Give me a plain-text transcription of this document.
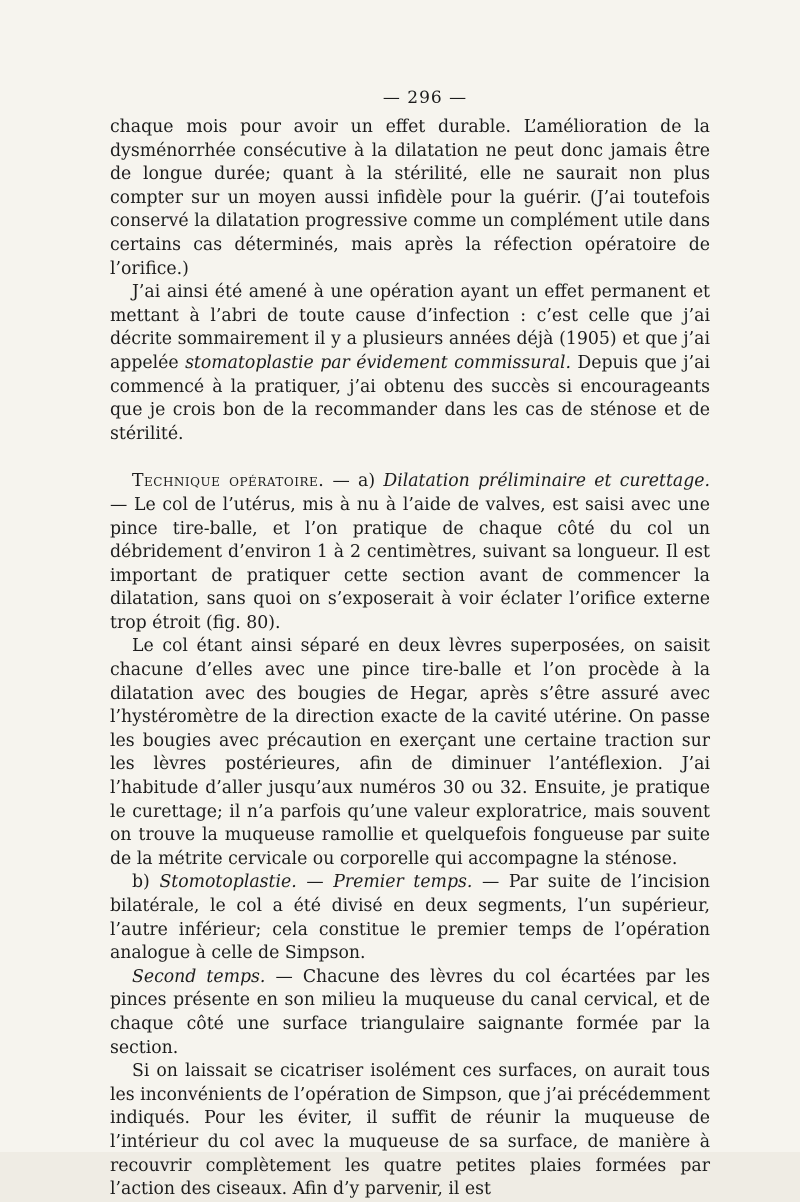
— 296 —

chaque mois pour avoir un effet durable. L’amélioration de la dysménorrhée consécutive à la dilatation ne peut donc jamais être de longue durée; quant à la stérilité, elle ne saurait non plus compter sur un moyen aussi infidèle pour la guérir. (J’ai toutefois conservé la dilatation progressive comme un complément utile dans certains cas déterminés, mais après la réfection opératoire de l’orifice.)

J’ai ainsi été amené à une opération ayant un effet permanent et mettant à l’abri de toute cause d’infection : c’est celle que j’ai décrite sommairement il y a plusieurs années déjà (1905) et que j’ai appelée stomatoplastie par évidement commissural. Depuis que j’ai commencé à la pratiquer, j’ai obtenu des succès si encourageants que je crois bon de la recommander dans les cas de sténose et de stérilité.

Technique opératoire. — a) Dilatation préliminaire et curettage. — Le col de l’utérus, mis à nu à l’aide de valves, est saisi avec une pince tire-balle, et l’on pratique de chaque côté du col un débridement d’environ 1 à 2 centimètres, suivant sa longueur. Il est important de pratiquer cette section avant de commencer la dilatation, sans quoi on s’exposerait à voir éclater l’orifice externe trop étroit (fig. 80).

Le col étant ainsi séparé en deux lèvres superposées, on saisit chacune d’elles avec une pince tire-balle et l’on procède à la dilatation avec des bougies de Hegar, après s’être assuré avec l’hystéromètre de la direction exacte de la cavité utérine. On passe les bougies avec précaution en exerçant une certaine traction sur les lèvres postérieures, afin de diminuer l’antéflexion. J’ai l’habitude d’aller jusqu’aux numéros 30 ou 32. Ensuite, je pratique le curettage; il n’a parfois qu’une valeur exploratrice, mais souvent on trouve la muqueuse ramollie et quelquefois fongueuse par suite de la métrite cervicale ou corporelle qui accompagne la sténose.

b) Stomotoplastie. — Premier temps. — Par suite de l’incision bilatérale, le col a été divisé en deux segments, l’un supérieur, l’autre inférieur; cela constitue le premier temps de l’opération analogue à celle de Simpson.

Second temps. — Chacune des lèvres du col écartées par les pinces présente en son milieu la muqueuse du canal cervical, et de chaque côté une surface triangulaire saignante formée par la section.

Si on laissait se cicatriser isolément ces surfaces, on aurait tous les inconvénients de l’opération de Simpson, que j’ai précédemment indiqués. Pour les éviter, il suffit de réunir la muqueuse de l’intérieur du col avec la muqueuse de sa surface, de manière à recouvrir complètement les quatre petites plaies formées par l’action des ciseaux. Afin d’y parvenir, il est
